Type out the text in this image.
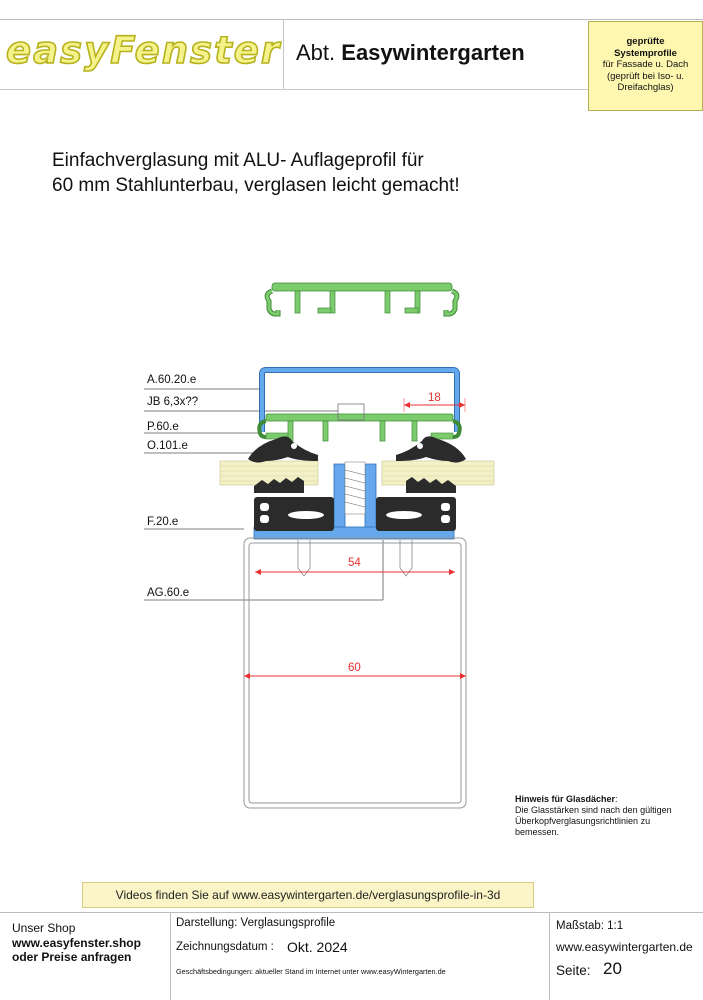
easyFenster Abt. Easywintergarten	geprüfte
Systemprofile
für Fassade u. Dach
(geprüft bei Iso- u.
Dreifachglas)
Einfachverglasung mit ALU- Auflageprofil für
60 mm Stahlunterbau, verglasen leicht gemacht!
A.60.20.e
JB 6,3x??
P.60.e
O.101.e
F.20.e
AG.60.e
18
54
60
Hinweis für Glasdächer:
Die Glasstärken sind nach den gültigen Überkopfverglasungsrichtlinien zu bemessen.
Videos finden Sie auf www.easywintergarten.de/verglasungsprofile-in-3d
Unser Shop
www.easyfenster.shop
oder Preise anfragen
Darstellung: Verglasungsprofile
Zeichnungsdatum : Okt. 2024
Geschäftsbedingungen: aktueller Stand im Internet unter www.easyWintergarten.de
Maßstab: 1:1
www.easywintergarten.de
Seite: 20
